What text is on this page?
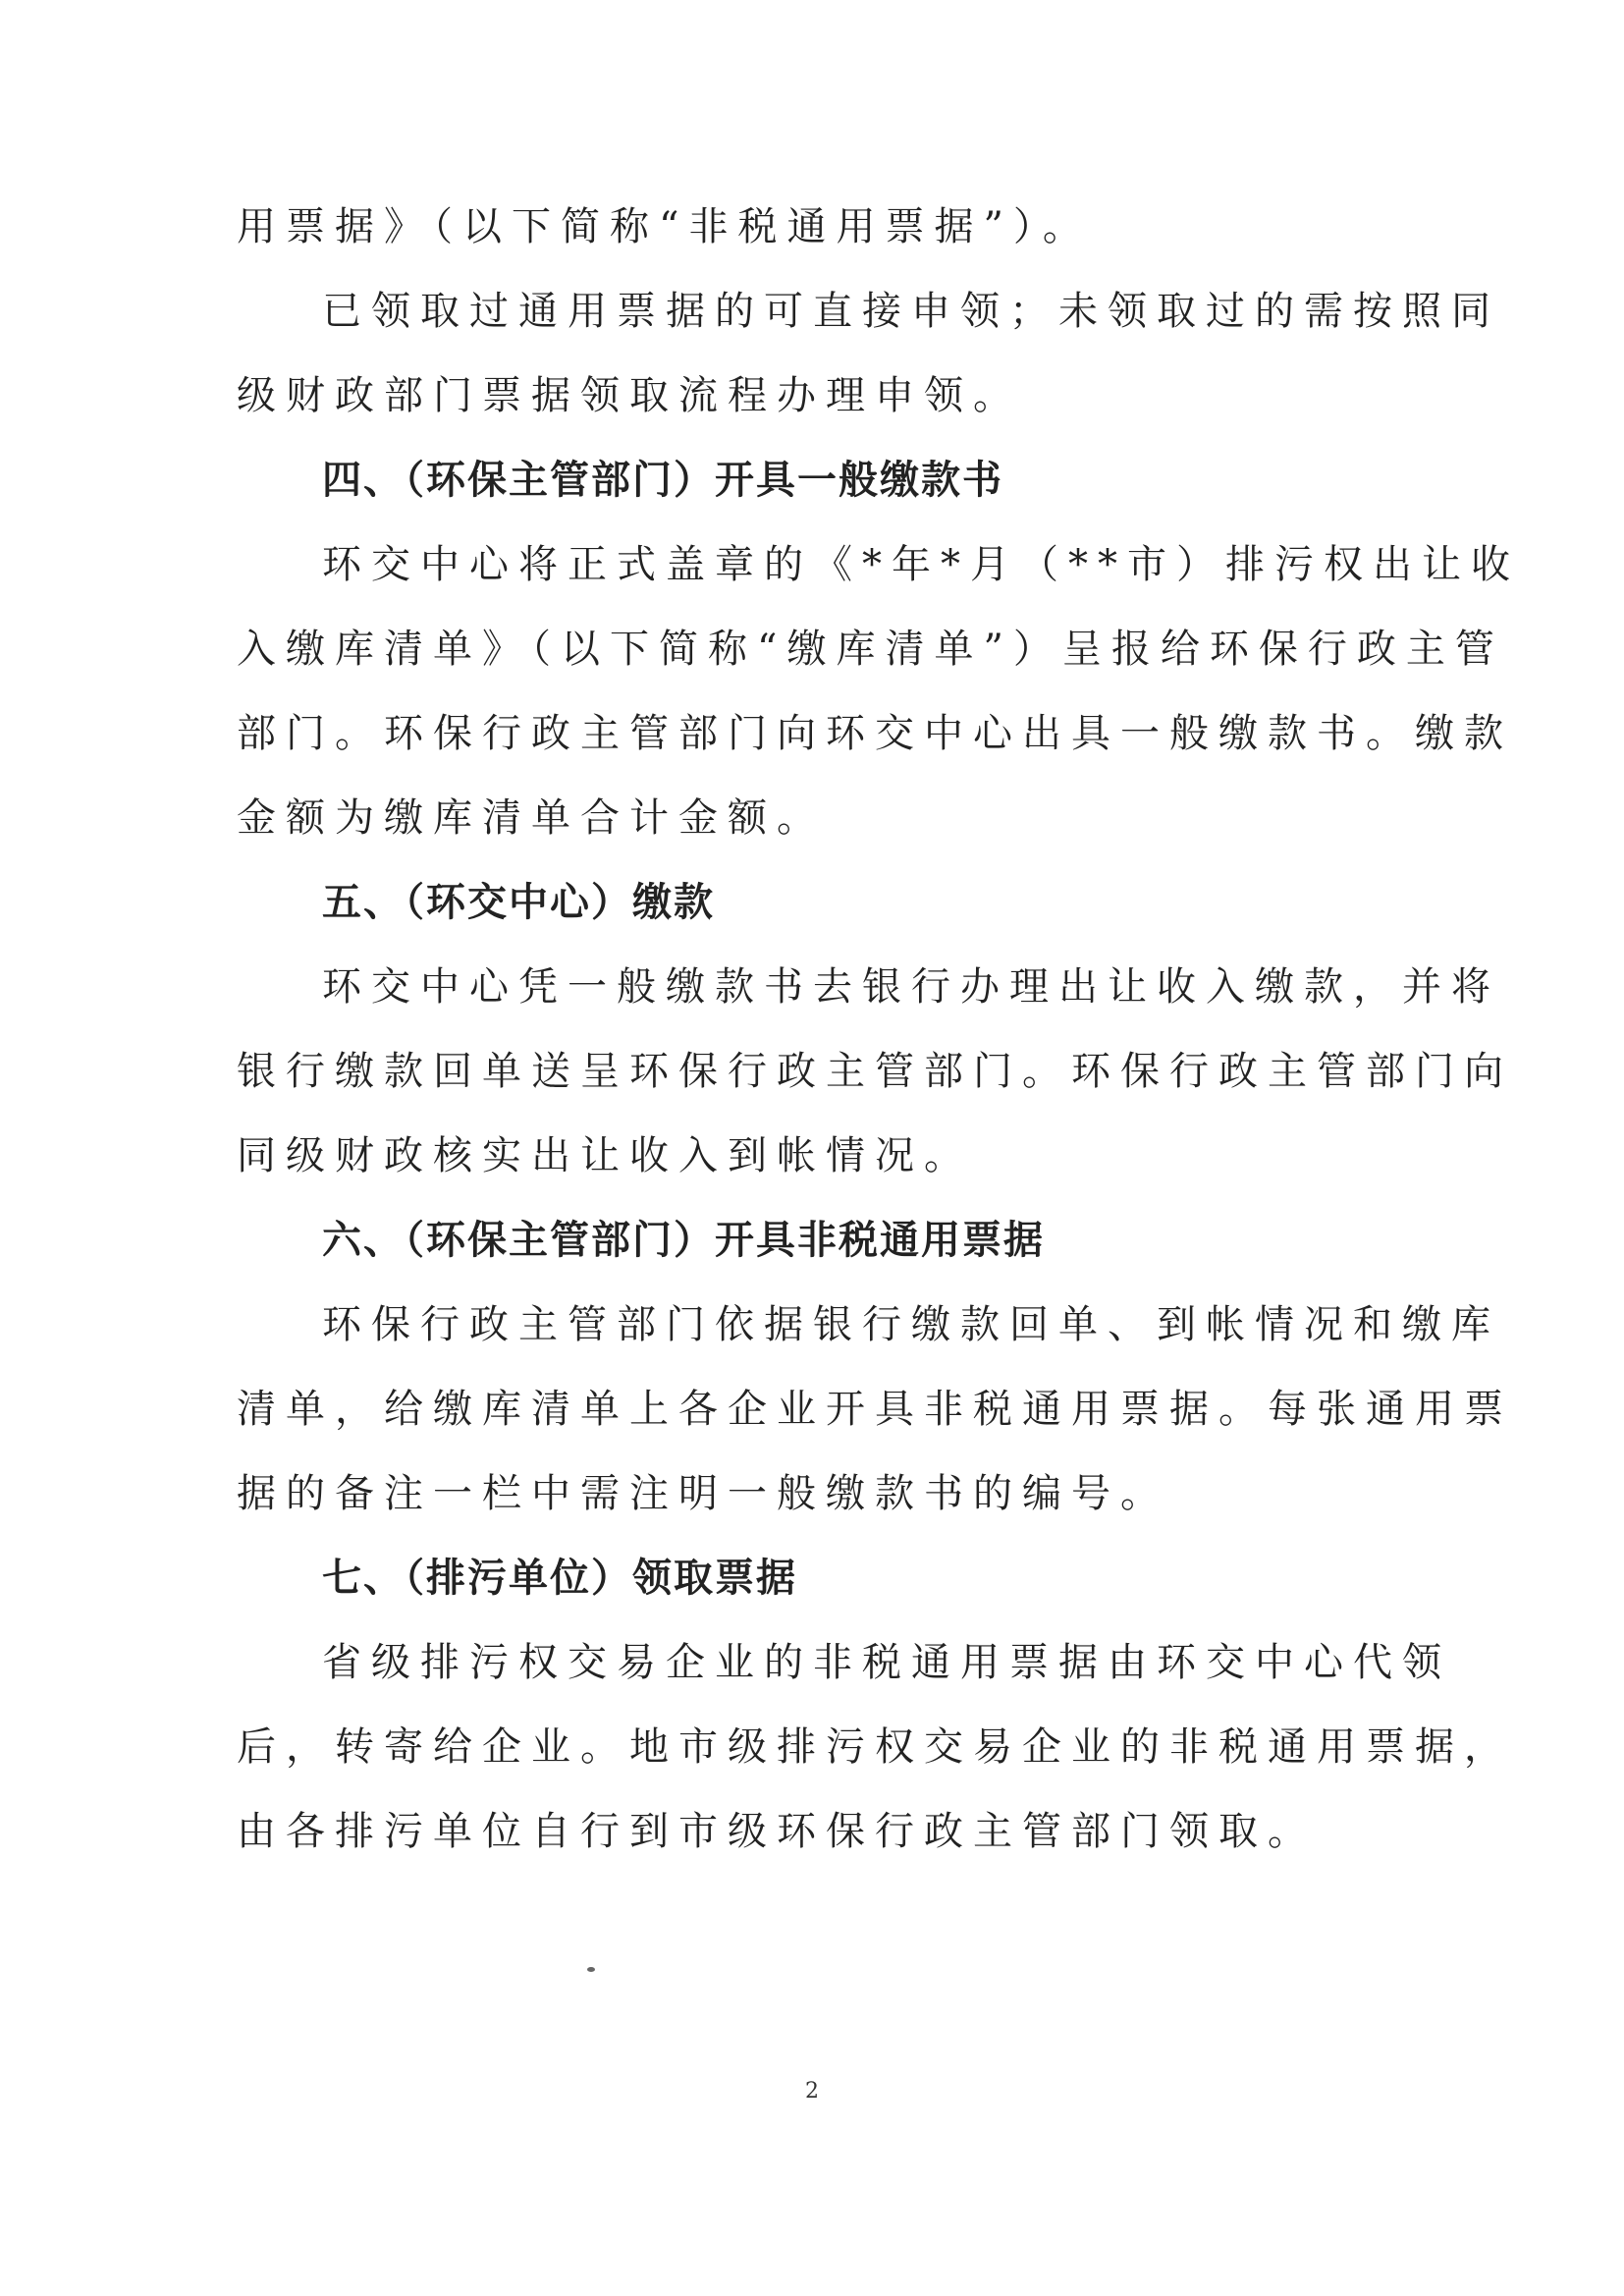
用票据》（以下简称“非税通用票据”）。
已领取过通用票据的可直接申领；未领取过的需按照同
级财政部门票据领取流程办理申领。
四、（环保主管部门）开具一般缴款书
环交中心将正式盖章的《*年*月（**市）排污权出让收
入缴库清单》（以下简称“缴库清单”）呈报给环保行政主管
部门。环保行政主管部门向环交中心出具一般缴款书。缴款
金额为缴库清单合计金额。
五、（环交中心）缴款
环交中心凭一般缴款书去银行办理出让收入缴款，并将
银行缴款回单送呈环保行政主管部门。环保行政主管部门向
同级财政核实出让收入到帐情况。
六、（环保主管部门）开具非税通用票据
环保行政主管部门依据银行缴款回单、到帐情况和缴库
清单，给缴库清单上各企业开具非税通用票据。每张通用票
据的备注一栏中需注明一般缴款书的编号。
七、（排污单位）领取票据
省级排污权交易企业的非税通用票据由环交中心代领
后，转寄给企业。地市级排污权交易企业的非税通用票据，
由各排污单位自行到市级环保行政主管部门领取。
2
